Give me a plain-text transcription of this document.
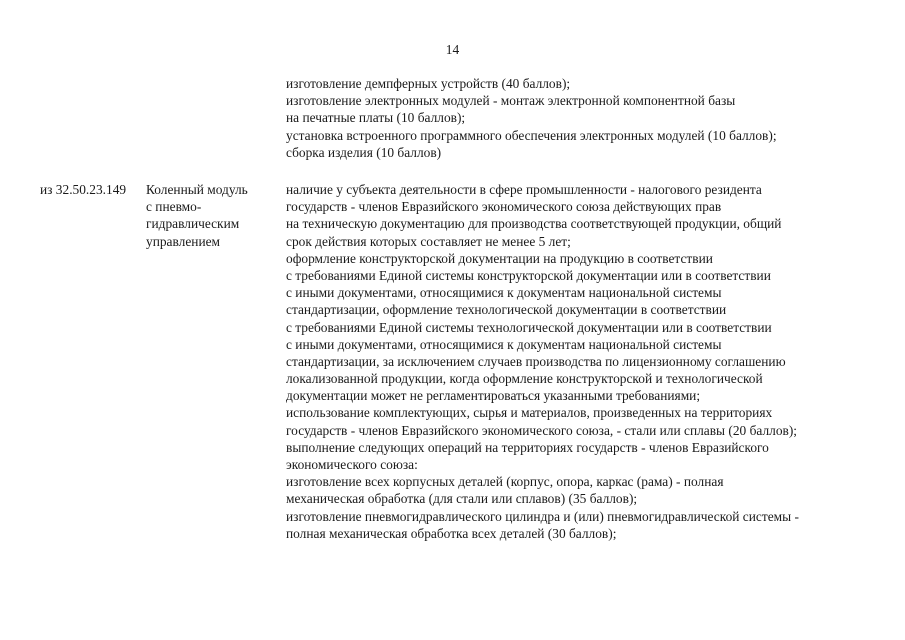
14
изготовление демпферных устройств (40 баллов);
изготовление электронных модулей - монтаж электронной компонентной базы
на печатные платы (10 баллов);
установка встроенного программного обеспечения электронных модулей (10 баллов);
сборка изделия (10 баллов)
из 32.50.23.149	Коленный модуль
с пневмо-
гидравлическим
управлением
наличие у субъекта деятельности в сфере промышленности - налогового резидента
государств - членов Евразийского экономического союза действующих прав
на техническую документацию для производства соответствующей продукции, общий
срок действия которых составляет не менее 5 лет;
оформление конструкторской документации на продукцию в соответствии
с требованиями Единой системы конструкторской документации или в соответствии
с иными документами, относящимися к документам национальной системы
стандартизации, оформление технологической документации в соответствии
с требованиями Единой системы технологической документации или в соответствии
с иными документами, относящимися к документам национальной системы
стандартизации, за исключением случаев производства по лицензионному соглашению
локализованной продукции, когда оформление конструкторской и технологической
документации может не регламентироваться указанными требованиями;
использование комплектующих, сырья и материалов, произведенных на территориях
государств - членов Евразийского экономического союза, - стали или сплавы (20 баллов);
выполнение следующих операций на территориях государств - членов Евразийского
экономического союза:
изготовление всех корпусных деталей (корпус, опора, каркас (рама) - полная
механическая обработка (для стали или сплавов) (35 баллов);
изготовление пневмогидравлического цилиндра и (или) пневмогидравлической системы -
полная механическая обработка всех деталей (30 баллов);
